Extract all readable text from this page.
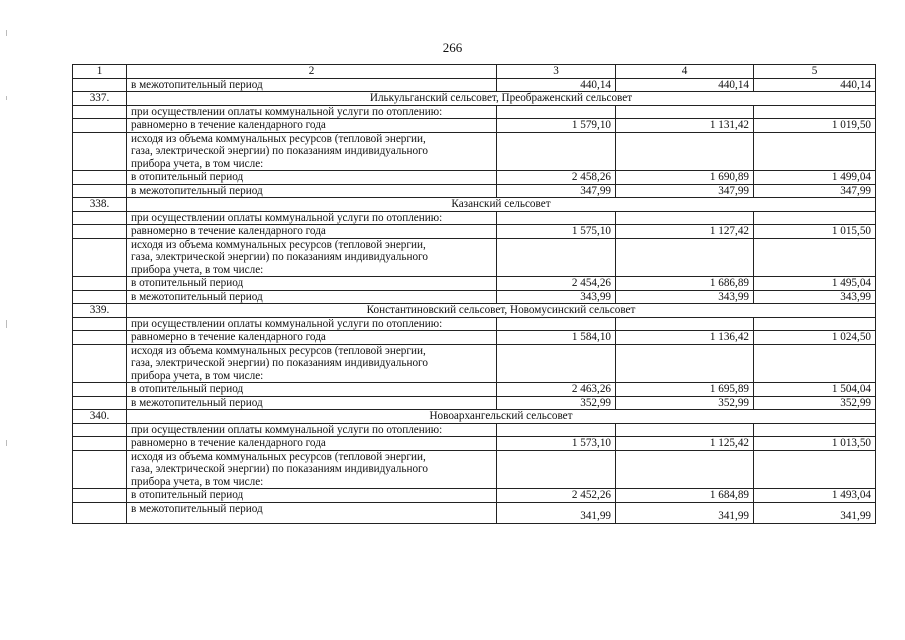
266
1	2	3	4	5
	в межотопительный период	440,14	440,14	440,14
337.	Илькульганский сельсовет, Преображенский сельсовет			
	при осуществлении оплаты коммунальной услуги по отоплению:			
	равномерно в течение календарного года	1 579,10	1 131,42	1 019,50
	исходя из объема коммунальных ресурсов (тепловой энергии,			
	газа, электрической энергии) по показаниям индивидуального			
	прибора учета, в том числе:			
	в отопительный период	2 458,26	1 690,89	1 499,04
	в межотопительный период	347,99	347,99	347,99
338.	Казанский сельсовет			
	при осуществлении оплаты коммунальной услуги по отоплению:			
	равномерно в течение календарного года	1 575,10	1 127,42	1 015,50
	исходя из объема коммунальных ресурсов (тепловой энергии,			
	газа, электрической энергии) по показаниям индивидуального			
	прибора учета, в том числе:			
	в отопительный период	2 454,26	1 686,89	1 495,04
	в межотопительный период	343,99	343,99	343,99
339.	Константиновский сельсовет, Новомусинский сельсовет			
	при осуществлении оплаты коммунальной услуги по отоплению:			
	равномерно в течение календарного года	1 584,10	1 136,42	1 024,50
	исходя из объема коммунальных ресурсов (тепловой энергии,			
	газа, электрической энергии) по показаниям индивидуального			
	прибора учета, в том числе:			
	в отопительный период	2 463,26	1 695,89	1 504,04
	в межотопительный период	352,99	352,99	352,99
340.	Новоархангельский сельсовет			
	при осуществлении оплаты коммунальной услуги по отоплению:			
	равномерно в течение календарного года	1 573,10	1 125,42	1 013,50
	исходя из объема коммунальных ресурсов (тепловой энергии,			
	газа, электрической энергии) по показаниям индивидуального			
	прибора учета, в том числе:			
	в отопительный период	2 452,26	1 684,89	1 493,04
	в межотопительный период	341,99	341,99	341,99
